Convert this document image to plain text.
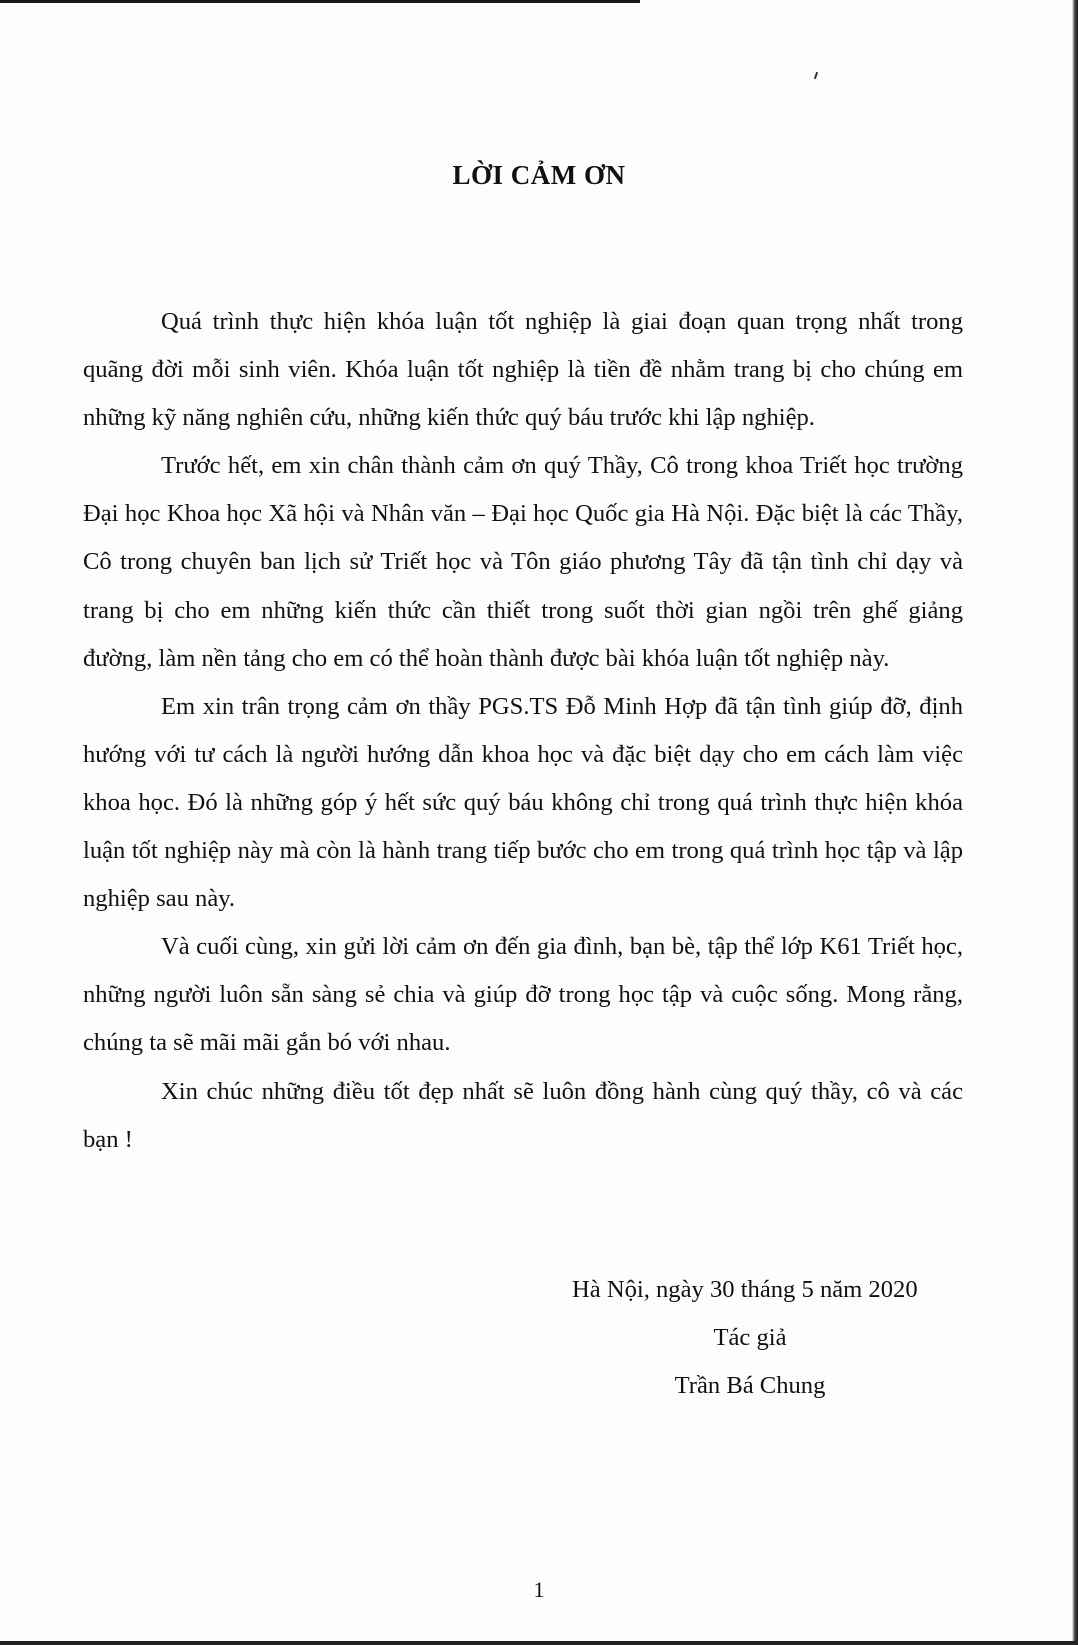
LỜI CẢM ƠN

Quá trình thực hiện khóa luận tốt nghiệp là giai đoạn quan trọng nhất trong quãng đời mỗi sinh viên. Khóa luận tốt nghiệp là tiền đề nhằm trang bị cho chúng em những kỹ năng nghiên cứu, những kiến thức quý báu trước khi lập nghiệp.

Trước hết, em xin chân thành cảm ơn quý Thầy, Cô trong khoa Triết học trường Đại học Khoa học Xã hội và Nhân văn – Đại học Quốc gia Hà Nội. Đặc biệt là các Thầy, Cô trong chuyên ban lịch sử Triết học và Tôn giáo phương Tây đã tận tình chỉ dạy và trang bị cho em những kiến thức cần thiết trong suốt thời gian ngồi trên ghế giảng đường, làm nền tảng cho em có thể hoàn thành được bài khóa luận tốt nghiệp này.

Em xin trân trọng cảm ơn thầy PGS.TS Đỗ Minh Hợp đã tận tình giúp đỡ, định hướng với tư cách là người hướng dẫn khoa học và đặc biệt dạy cho em cách làm việc khoa học. Đó là những góp ý hết sức quý báu không chỉ trong quá trình thực hiện khóa luận tốt nghiệp này mà còn là hành trang tiếp bước cho em trong quá trình học tập và lập nghiệp sau này.

Và cuối cùng, xin gửi lời cảm ơn đến gia đình, bạn bè, tập thể lớp K61 Triết học, những người luôn sẵn sàng sẻ chia và giúp đỡ trong học tập và cuộc sống. Mong rằng, chúng ta sẽ mãi mãi gắn bó với nhau.

Xin chúc những điều tốt đẹp nhất sẽ luôn đồng hành cùng quý thầy, cô và các bạn !

Hà Nội, ngày 30 tháng 5 năm 2020
Tác giả
Trần Bá Chung
1
